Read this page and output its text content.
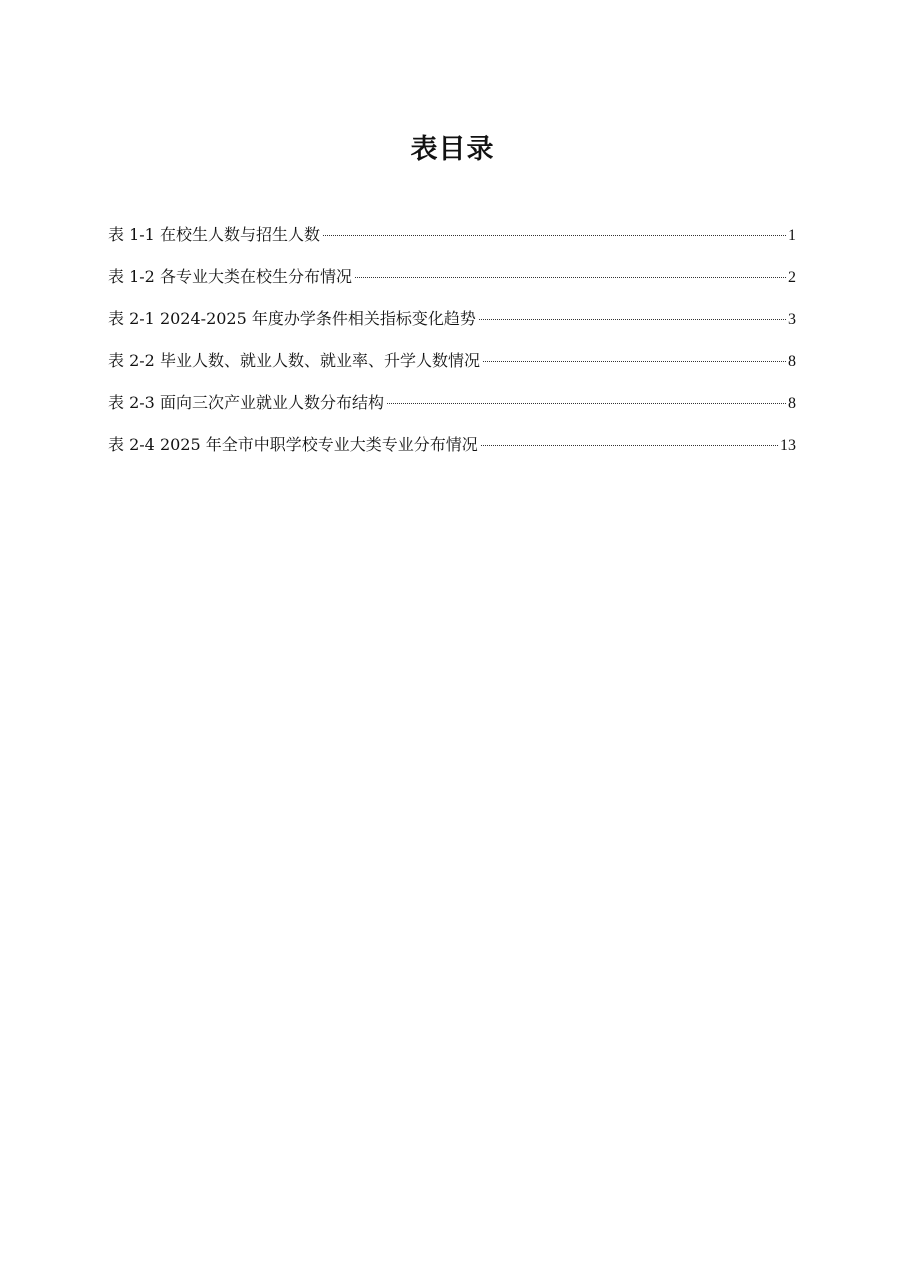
表目录
表 1-1 在校生人数与招生人数	1
表 1-2 各专业大类在校生分布情况	2
表 2-1 2024-2025 年度办学条件相关指标变化趋势	3
表 2-2 毕业人数、就业人数、就业率、升学人数情况	8
表 2-3 面向三次产业就业人数分布结构	8
表 2-4 2025 年全市中职学校专业大类专业分布情况	13
